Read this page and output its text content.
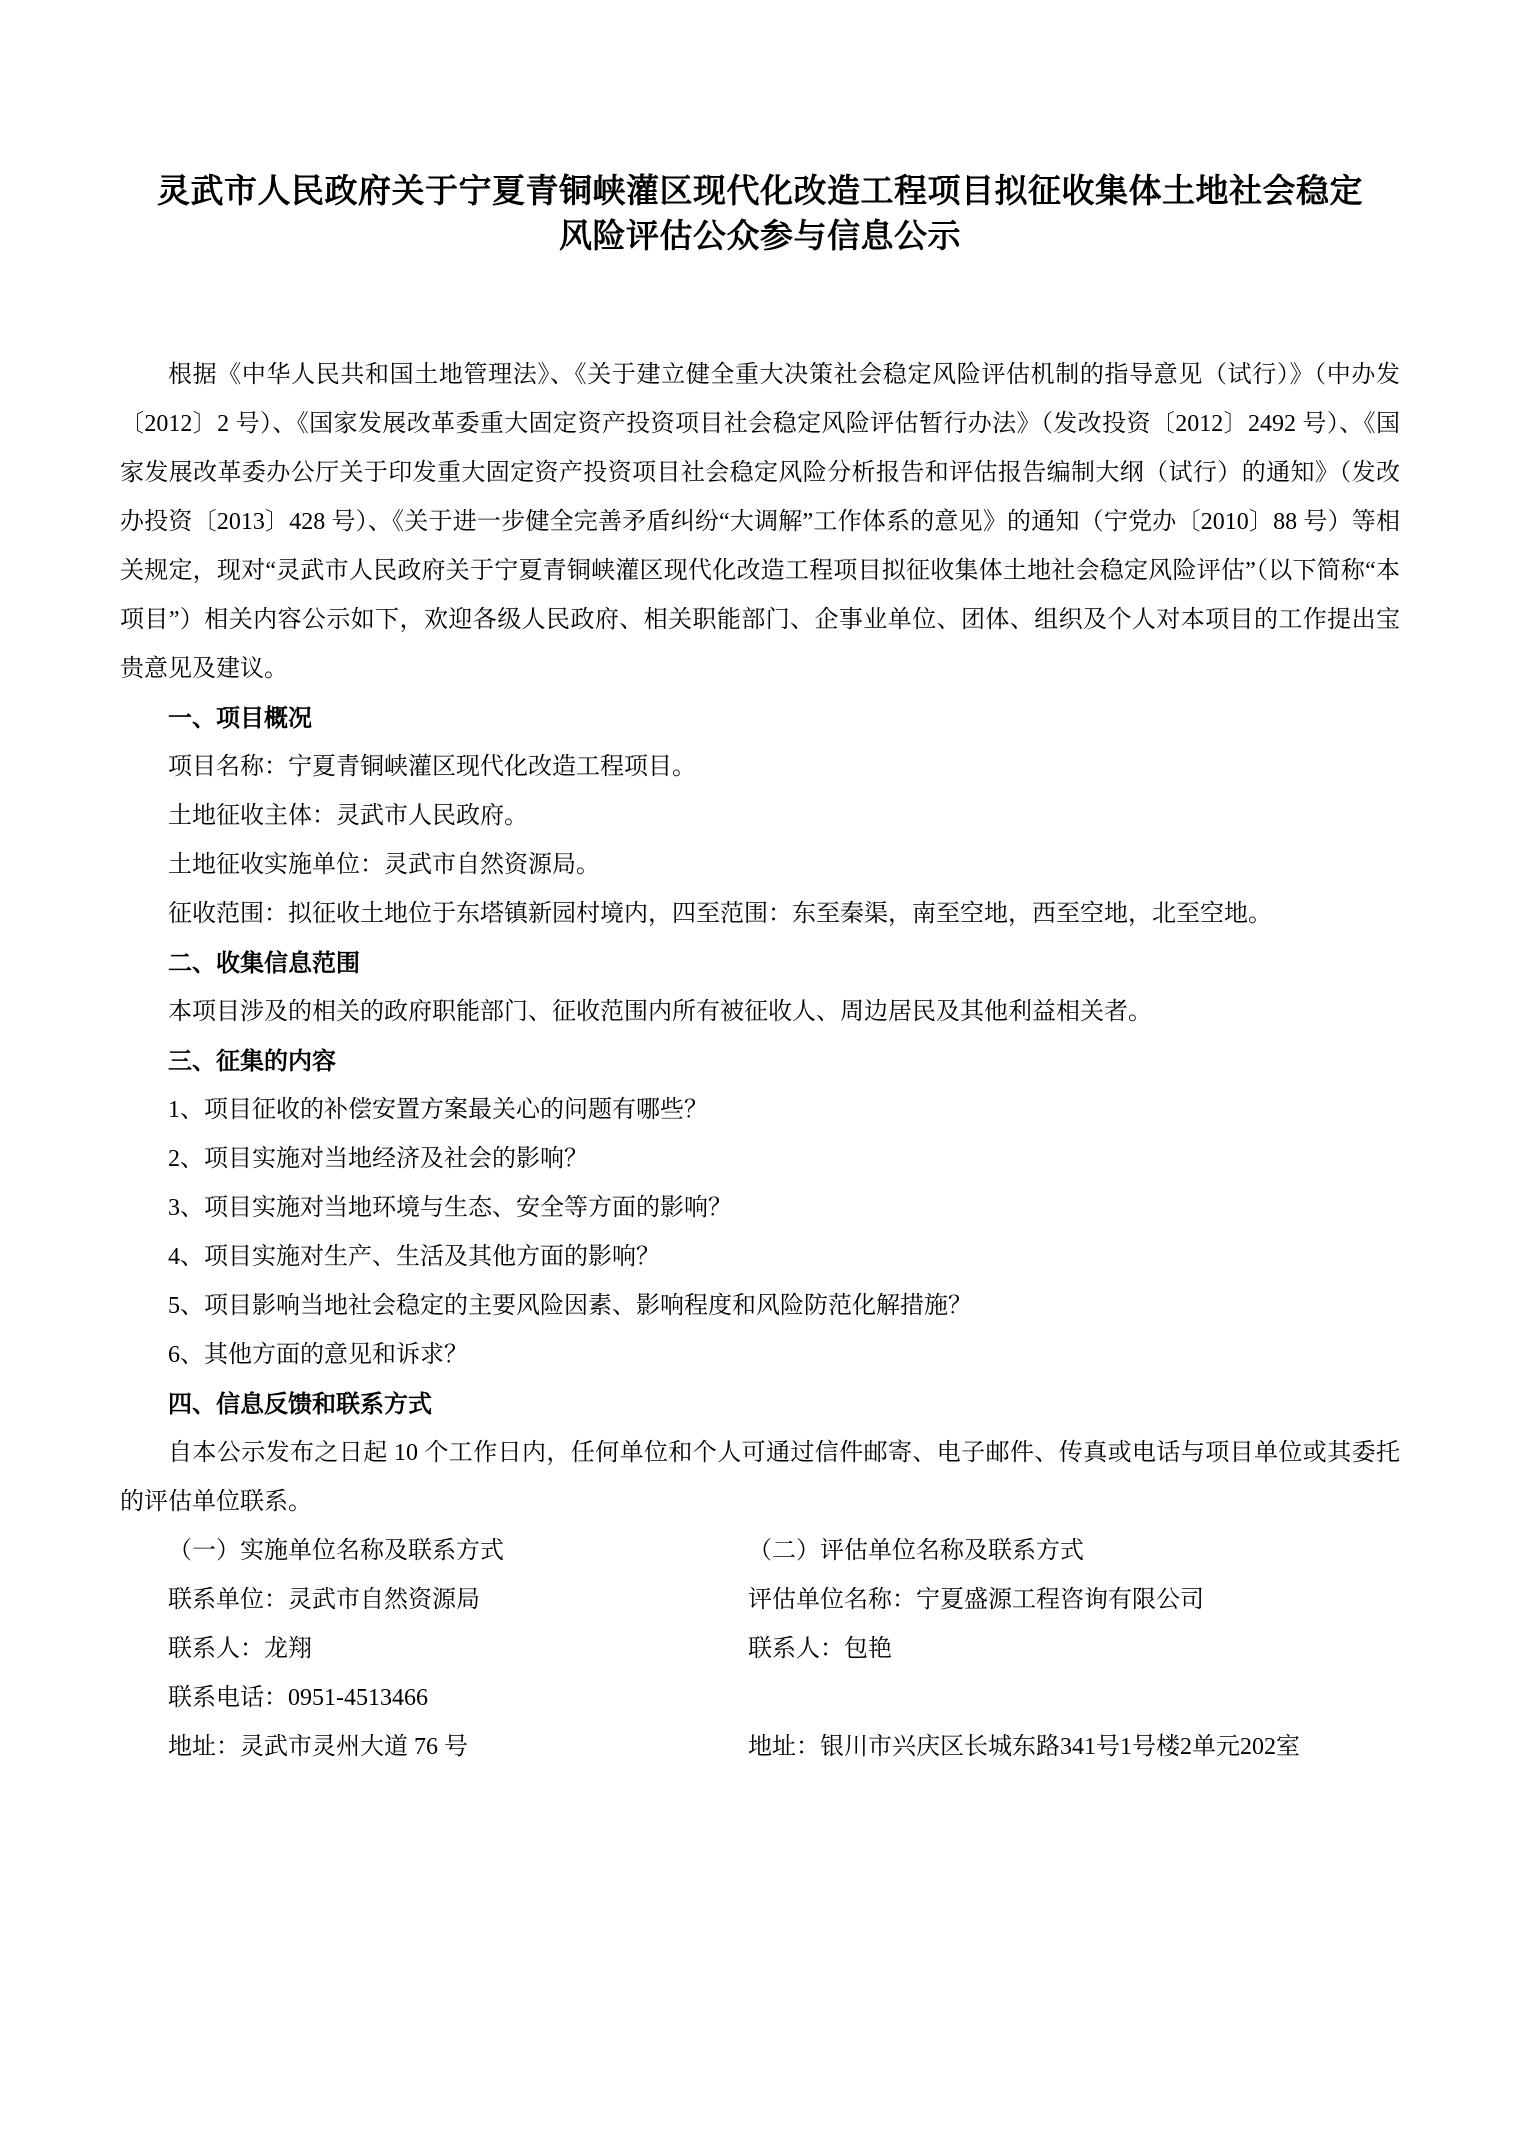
灵武市人民政府关于宁夏青铜峡灌区现代化改造工程项目拟征收集体土地社会稳定
风险评估公众参与信息公示

根据《中华人民共和国土地管理法》、《关于建立健全重大决策社会稳定风险评估机制的指导意见（试行）》（中办发〔2012〕2 号）、《国家发展改革委重大固定资产投资项目社会稳定风险评估暂行办法》（发改投资〔2012〕2492 号）、《国家发展改革委办公厅关于印发重大固定资产投资项目社会稳定风险分析报告和评估报告编制大纲（试行）的通知》（发改办投资〔2013〕428 号）、《关于进一步健全完善矛盾纠纷“大调解”工作体系的意见》的通知（宁党办〔2010〕88 号）等相关规定，现对“灵武市人民政府关于宁夏青铜峡灌区现代化改造工程项目拟征收集体土地社会稳定风险评估”（以下简称“本项目”）相关内容公示如下，欢迎各级人民政府、相关职能部门、企事业单位、团体、组织及个人对本项目的工作提出宝贵意见及建议。

一、项目概况

项目名称：宁夏青铜峡灌区现代化改造工程项目。

土地征收主体：灵武市人民政府。

土地征收实施单位：灵武市自然资源局。

征收范围：拟征收土地位于东塔镇新园村境内，四至范围：东至秦渠，南至空地，西至空地，北至空地。

二、收集信息范围

本项目涉及的相关的政府职能部门、征收范围内所有被征收人、周边居民及其他利益相关者。

三、征集的内容

1、项目征收的补偿安置方案最关心的问题有哪些？

2、项目实施对当地经济及社会的影响？

3、项目实施对当地环境与生态、安全等方面的影响？

4、项目实施对生产、生活及其他方面的影响？

5、项目影响当地社会稳定的主要风险因素、影响程度和风险防范化解措施？

6、其他方面的意见和诉求？

四、信息反馈和联系方式

自本公示发布之日起 10 个工作日内，任何单位和个人可通过信件邮寄、电子邮件、传真或电话与项目单位或其委托的评估单位联系。

（一）实施单位名称及联系方式	（二）评估单位名称及联系方式
联系单位：灵武市自然资源局	评估单位名称：宁夏盛源工程咨询有限公司
联系人：龙翔	联系人：包艳
联系电话：0951-4513466
地址：灵武市灵州大道 76 号	地址：银川市兴庆区长城东路341号1号楼2单元202室
